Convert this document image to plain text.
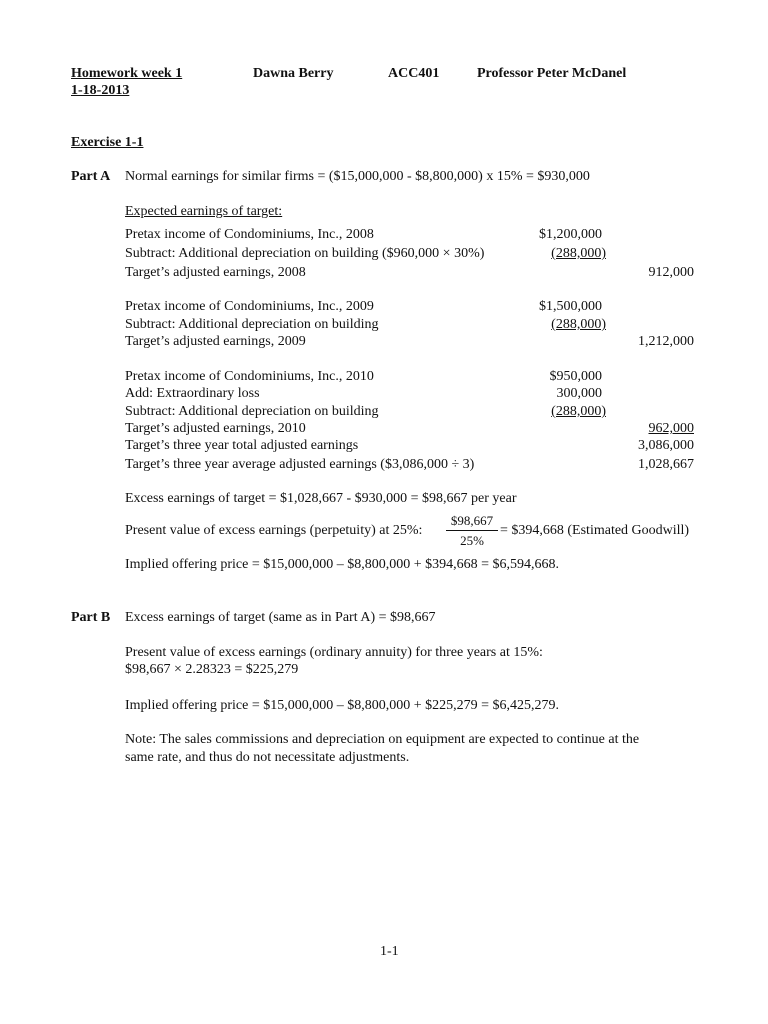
Homework week 1	Dawna Berry	ACC401	Professor Peter McDanel
1-18-2013
Exercise 1-1
Part A Normal earnings for similar firms = ($15,000,000 - $8,800,000) x 15% = $930,000
Expected earnings of target:
Pretax income of Condominiums, Inc., 2008	$1,200,000
Subtract: Additional depreciation on building ($960,000 × 30%)	(288,000)
Target’s adjusted earnings, 2008	912,000
Pretax income of Condominiums, Inc., 2009	$1,500,000
Subtract: Additional depreciation on building	(288,000)
Target’s adjusted earnings, 2009	1,212,000
Pretax income of Condominiums, Inc., 2010	$950,000
Add: Extraordinary loss	300,000
Subtract: Additional depreciation on building	(288,000)
Target’s adjusted earnings, 2010	962,000
Target’s three year total adjusted earnings	3,086,000
Target’s three year average adjusted earnings ($3,086,000 ÷ 3)	1,028,667
Excess earnings of target = $1,028,667 - $930,000 = $98,667 per year
Present value of excess earnings (perpetuity) at 25%: $\frac{\$98,667}{25\%}$ = $394,668 (Estimated Goodwill)
Implied offering price = $15,000,000 – $8,800,000 + $394,668 = $6,594,668.
Part B Excess earnings of target (same as in Part A) = $98,667
Present value of excess earnings (ordinary annuity) for three years at 15%:
$98,667 × 2.28323 = $225,279
Implied offering price = $15,000,000 – $8,800,000 + $225,279 = $6,425,279.
Note: The sales commissions and depreciation on equipment are expected to continue at the
same rate, and thus do not necessitate adjustments.
1-1
